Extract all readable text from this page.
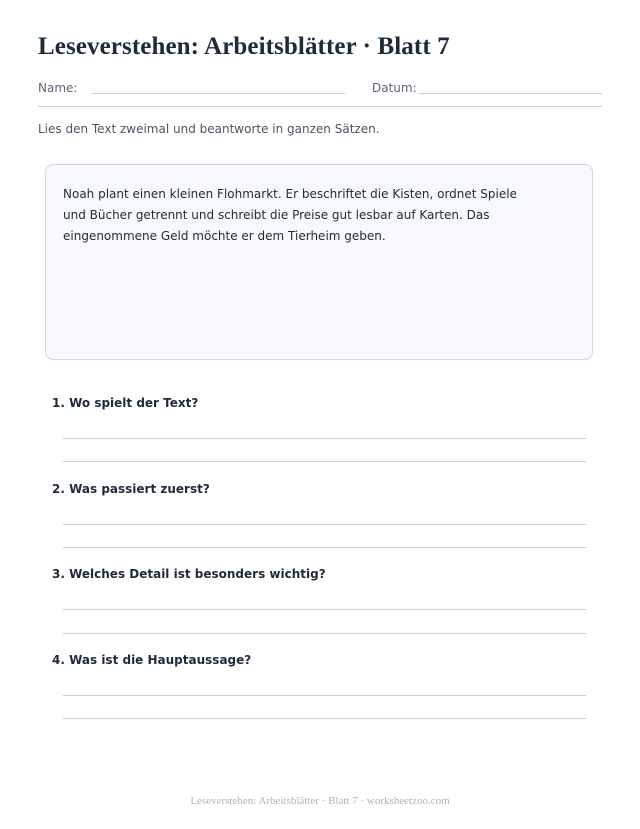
Leseverstehen: Arbeitsblätter · Blatt 7
Name:	Datum:
Lies den Text zweimal und beantworte in ganzen Sätzen.

Noah plant einen kleinen Flohmarkt. Er beschriftet die Kisten, ordnet Spiele und Bücher getrennt und schreibt die Preise gut lesbar auf Karten. Das eingenommene Geld möchte er dem Tierheim geben.

1. Wo spielt der Text?
2. Was passiert zuerst?
3. Welches Detail ist besonders wichtig?
4. Was ist die Hauptaussage?
Leseverstehen: Arbeitsblätter · Blatt 7 · worksheetzoo.com
